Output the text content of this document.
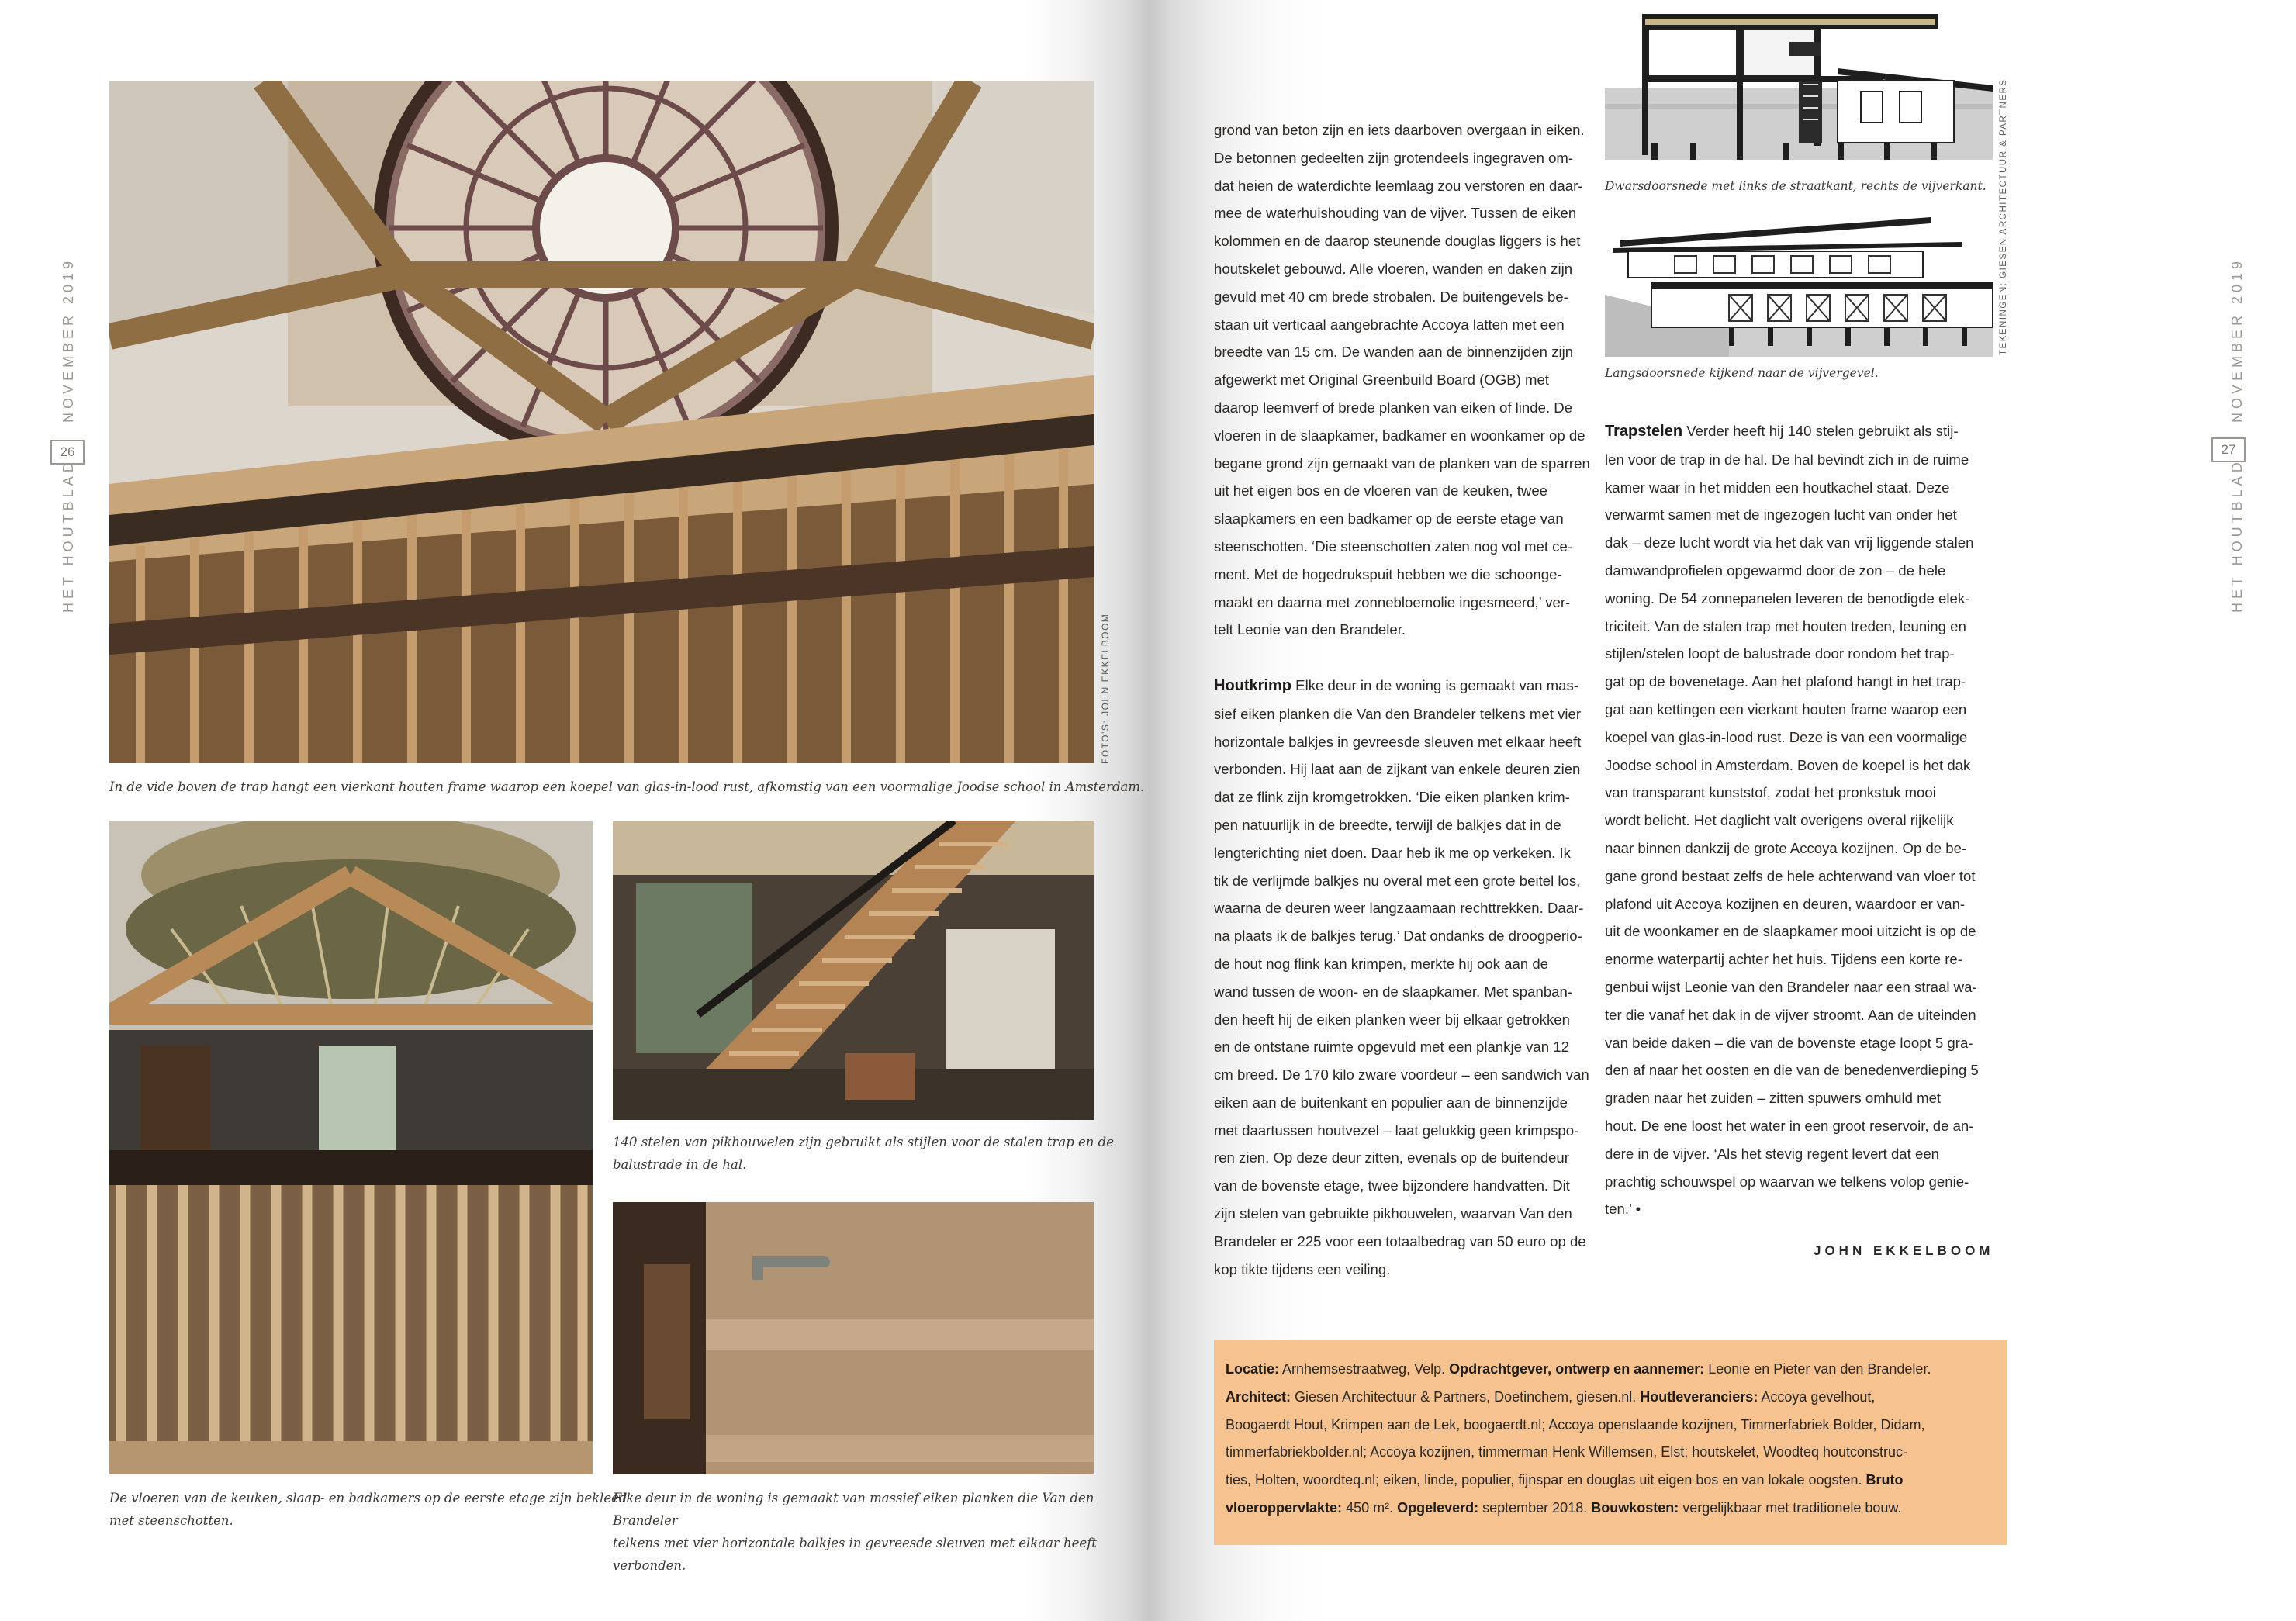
HET HOUTBLAD
26
NOVEMBER 2019
FOTO'S: JOHN EKKELBOOM
In de vide boven de trap hangt een vierkant houten frame waarop een koepel van glas-in-lood rust, afkomstig van een voormalige Joodse school in Amsterdam.
De vloeren van de keuken, slaap- en badkamers op de eerste etage zijn bekleed
met steenschotten.
140 stelen van pikhouwelen zijn gebruikt als stijlen voor de stalen trap en de
balustrade in de hal.
Elke deur in de woning is gemaakt van massief eiken planken die Van den Brandeler
telkens met vier horizontale balkjes in gevreesde sleuven met elkaar heeft verbonden.
HET HOUTBLAD
27
NOVEMBER 2019
Dwarsdoorsnede met links de straatkant, rechts de vijverkant.
Langsdoorsnede kijkend naar de vijvergevel.
TEKENINGEN: GIESEN ARCHITECTUUR & PARTNERS

grond van beton zijn en iets daarboven overgaan in eiken.

De betonnen gedeelten zijn grotendeels ingegraven om-

dat heien de waterdichte leemlaag zou verstoren en daar-

mee de waterhuishouding van de vijver. Tussen de eiken

kolommen en de daarop steunende douglas liggers is het

houtskelet gebouwd. Alle vloeren, wanden en daken zijn

gevuld met 40 cm brede strobalen. De buitengevels be-

staan uit verticaal aangebrachte Accoya latten met een

breedte van 15 cm. De wanden aan de binnenzijden zijn

afgewerkt met Original Greenbuild Board (OGB) met

daarop leemverf of brede planken van eiken of linde. De

vloeren in de slaapkamer, badkamer en woonkamer op de

begane grond zijn gemaakt van de planken van de sparren

uit het eigen bos en de vloeren van de keuken, twee

slaapkamers en een badkamer op de eerste etage van

steenschotten. ‘Die steenschotten zaten nog vol met ce-

ment. Met de hogedrukspuit hebben we die schoonge-

maakt en daarna met zonnebloemolie ingesmeerd,’ ver-

telt Leonie van den Brandeler.

Houtkrimp Elke deur in de woning is gemaakt van mas-

sief eiken planken die Van den Brandeler telkens met vier

horizontale balkjes in gevreesde sleuven met elkaar heeft

verbonden. Hij laat aan de zijkant van enkele deuren zien

dat ze flink zijn kromgetrokken. ‘Die eiken planken krim-

pen natuurlijk in de breedte, terwijl de balkjes dat in de

lengterichting niet doen. Daar heb ik me op verkeken. Ik

tik de verlijmde balkjes nu overal met een grote beitel los,

waarna de deuren weer langzaamaan rechttrekken. Daar-

na plaats ik de balkjes terug.’ Dat ondanks de droogperio-

de hout nog flink kan krimpen, merkte hij ook aan de

wand tussen de woon- en de slaapkamer. Met spanban-

den heeft hij de eiken planken weer bij elkaar getrokken

en de ontstane ruimte opgevuld met een plankje van 12

cm breed. De 170 kilo zware voordeur – een sandwich van

eiken aan de buitenkant en populier aan de binnenzijde

met daartussen houtvezel – laat gelukkig geen krimpspo-

ren zien. Op deze deur zitten, evenals op de buitendeur

van de bovenste etage, twee bijzondere handvatten. Dit

zijn stelen van gebruikte pikhouwelen, waarvan Van den

Brandeler er 225 voor een totaalbedrag van 50 euro op de

kop tikte tijdens een veiling.

Trapstelen Verder heeft hij 140 stelen gebruikt als stij-

len voor de trap in de hal. De hal bevindt zich in de ruime

kamer waar in het midden een houtkachel staat. Deze

verwarmt samen met de ingezogen lucht van onder het

dak – deze lucht wordt via het dak van vrij liggende stalen

damwandprofielen opgewarmd door de zon – de hele

woning. De 54 zonnepanelen leveren de benodigde elek-

triciteit. Van de stalen trap met houten treden, leuning en

stijlen/stelen loopt de balustrade door rondom het trap-

gat op de bovenetage. Aan het plafond hangt in het trap-

gat aan kettingen een vierkant houten frame waarop een

koepel van glas-in-lood rust. Deze is van een voormalige

Joodse school in Amsterdam. Boven de koepel is het dak

van transparant kunststof, zodat het pronkstuk mooi

wordt belicht. Het daglicht valt overigens overal rijkelijk

naar binnen dankzij de grote Accoya kozijnen. Op de be-

gane grond bestaat zelfs de hele achterwand van vloer tot

plafond uit Accoya kozijnen en deuren, waardoor er van-

uit de woonkamer en de slaapkamer mooi uitzicht is op de

enorme waterpartij achter het huis. Tijdens een korte re-

genbui wijst Leonie van den Brandeler naar een straal wa-

ter die vanaf het dak in de vijver stroomt. Aan de uiteinden

van beide daken – die van de bovenste etage loopt 5 gra-

den af naar het oosten en die van de benedenverdieping 5

graden naar het zuiden – zitten spuwers omhuld met

hout. De ene loost het water in een groot reservoir, de an-

dere in de vijver. ‘Als het stevig regent levert dat een

prachtig schouwspel op waarvan we telkens volop genie-

ten.’ •

JOHN EKKELBOOM

Locatie: Arnhemsestraatweg, Velp. Opdrachtgever, ontwerp en aannemer: Leonie en Pieter van den Brandeler.

Architect: Giesen Architectuur & Partners, Doetinchem, giesen.nl. Houtleveranciers: Accoya gevelhout,

Boogaerdt Hout, Krimpen aan de Lek, boogaerdt.nl; Accoya openslaande kozijnen, Timmerfabriek Bolder, Didam,

timmerfabriekbolder.nl; Accoya kozijnen, timmerman Henk Willemsen, Elst; houtskelet, Woodteq houtconstruc-

ties, Holten, woordteq.nl; eiken, linde, populier, fijnspar en douglas uit eigen bos en van lokale oogsten. Bruto

vloeroppervlakte: 450 m². Opgeleverd: september 2018. Bouwkosten: vergelijkbaar met traditionele bouw.
